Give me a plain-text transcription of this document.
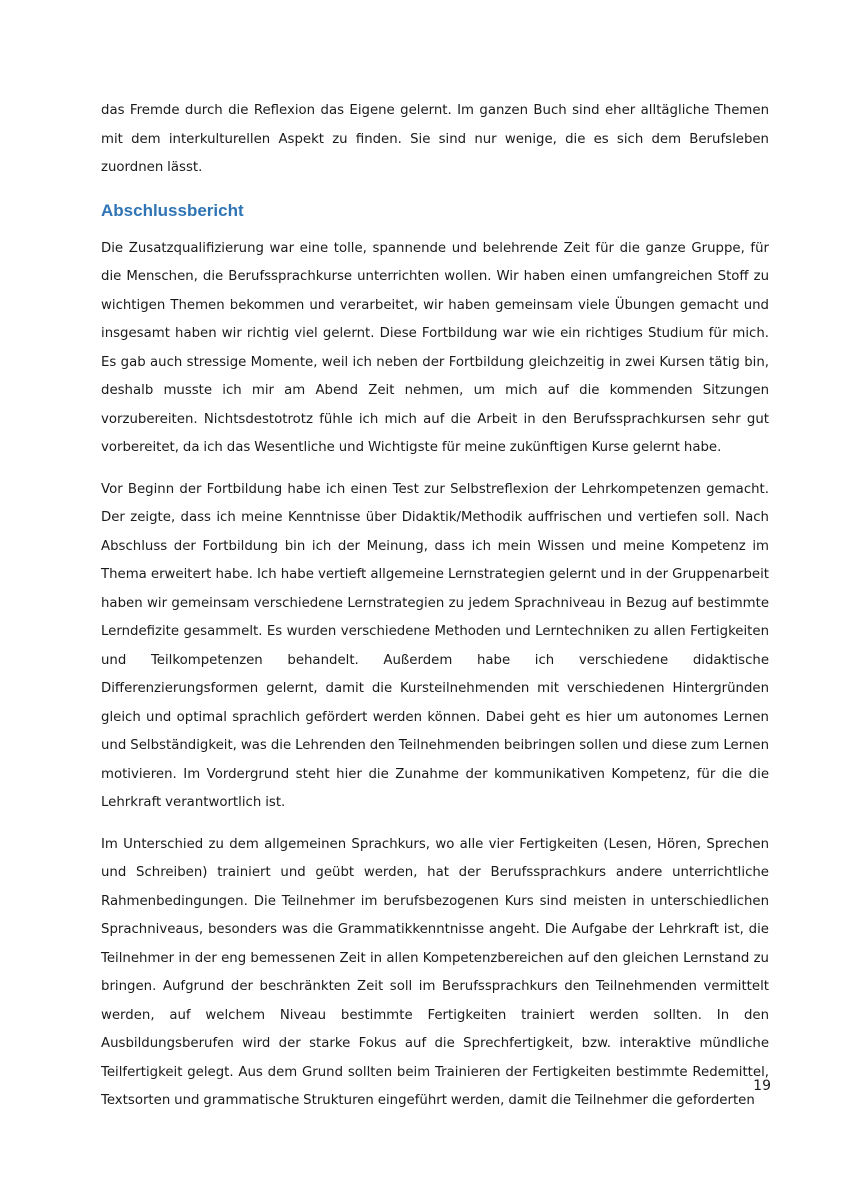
das Fremde durch die Reflexion das Eigene gelernt. Im ganzen Buch sind eher alltägliche Themen mit dem interkulturellen Aspekt zu finden. Sie sind nur wenige, die es sich dem Berufsleben zuordnen lässt.

Abschlussbericht

Die Zusatzqualifizierung war eine tolle, spannende und belehrende Zeit für die ganze Gruppe, für die Menschen, die Berufssprachkurse unterrichten wollen. Wir haben einen umfangreichen Stoff zu wichtigen Themen bekommen und verarbeitet, wir haben gemeinsam viele Übungen gemacht und insgesamt haben wir richtig viel gelernt. Diese Fortbildung war wie ein richtiges Studium für mich. Es gab auch stressige Momente, weil ich neben der Fortbildung gleichzeitig in zwei Kursen tätig bin, deshalb musste ich mir am Abend Zeit nehmen, um mich auf die kommenden Sitzungen vorzubereiten. Nichtsdestotrotz fühle ich mich auf die Arbeit in den Berufssprachkursen sehr gut vorbereitet, da ich das Wesentliche und Wichtigste für meine zukünftigen Kurse gelernt habe.

Vor Beginn der Fortbildung habe ich einen Test zur Selbstreflexion der Lehrkompetenzen gemacht. Der zeigte, dass ich meine Kenntnisse über Didaktik/Methodik auffrischen und vertiefen soll. Nach Abschluss der Fortbildung bin ich der Meinung, dass ich mein Wissen und meine Kompetenz im Thema erweitert habe. Ich habe vertieft allgemeine Lernstrategien gelernt und in der Gruppenarbeit haben wir gemeinsam verschiedene Lernstrategien zu jedem Sprachniveau in Bezug auf bestimmte Lerndefizite gesammelt. Es wurden verschiedene Methoden und Lerntechniken zu allen Fertigkeiten und Teilkompetenzen behandelt. Außerdem habe ich verschiedene didaktische Differenzierungsformen gelernt, damit die Kursteilnehmenden mit verschiedenen Hintergründen gleich und optimal sprachlich gefördert werden können. Dabei geht es hier um autonomes Lernen und Selbständigkeit, was die Lehrenden den Teilnehmenden beibringen sollen und diese zum Lernen motivieren. Im Vordergrund steht hier die Zunahme der kommunikativen Kompetenz, für die die Lehrkraft verantwortlich ist.

Im Unterschied zu dem allgemeinen Sprachkurs, wo alle vier Fertigkeiten (Lesen, Hören, Sprechen und Schreiben) trainiert und geübt werden, hat der Berufssprachkurs andere unterrichtliche Rahmenbedingungen. Die Teilnehmer im berufsbezogenen Kurs sind meisten in unterschiedlichen Sprachniveaus, besonders was die Grammatikkenntnisse angeht. Die Aufgabe der Lehrkraft ist, die Teilnehmer in der eng bemessenen Zeit in allen Kompetenzbereichen auf den gleichen Lernstand zu bringen. Aufgrund der beschränkten Zeit soll im Berufssprachkurs den Teilnehmenden vermittelt werden, auf welchem Niveau bestimmte Fertigkeiten trainiert werden sollten. In den Ausbildungsberufen wird der starke Fokus auf die Sprechfertigkeit, bzw. interaktive mündliche Teilfertigkeit gelegt. Aus dem Grund sollten beim Trainieren der Fertigkeiten bestimmte Redemittel, Textsorten und grammatische Strukturen eingeführt werden, damit die Teilnehmer die geforderten

19
